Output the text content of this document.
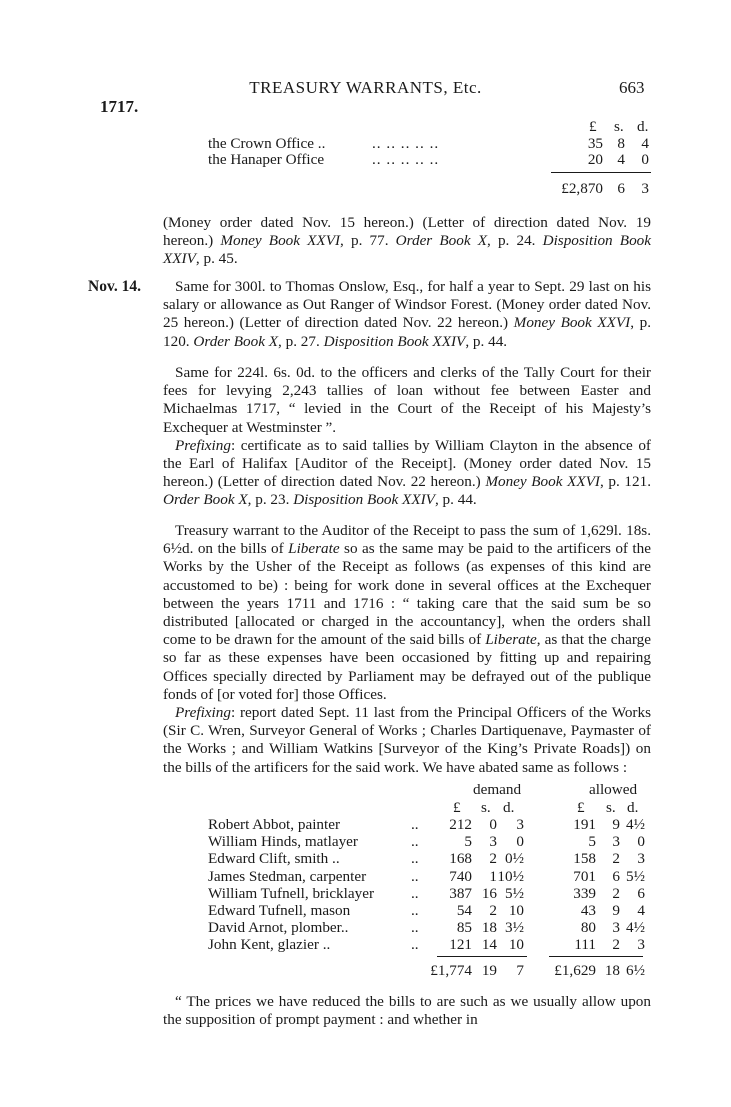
TREASURY WARRANTS, Etc.	663
1717.
£ s. d.
the Crown Office ..	.. .. .. .. ..	35 8 4
the Hanaper Office	.. .. .. .. ..	20 4 0
£2,870 6 3

(Money order dated Nov. 15 hereon.) (Letter of direction dated Nov. 19 hereon.) Money Book XXVI, p. 77. Order Book X, p. 24. Disposition Book XXIV, p. 45.

Nov. 14.	Same for 300l. to Thomas Onslow, Esq., for half a year to Sept. 29 last on his salary or allowance as Out Ranger of Windsor Forest. (Money order dated Nov. 25 hereon.) (Letter of direction dated Nov. 22 hereon.) Money Book XXVI, p. 120. Order Book X, p. 27. Disposition Book XXIV, p. 44.

Same for 224l. 6s. 0d. to the officers and clerks of the Tally Court for their fees for levying 2,243 tallies of loan without fee between Easter and Michaelmas 1717, “ levied in the Court of the Receipt of his Majesty’s Exchequer at Westminster ”.

Prefixing: certificate as to said tallies by William Clayton in the absence of the Earl of Halifax [Auditor of the Receipt]. (Money order dated Nov. 15 hereon.) (Letter of direction dated Nov. 22 hereon.) Money Book XXVI, p. 121. Order Book X, p. 23. Disposition Book XXIV, p. 44.

Treasury warrant to the Auditor of the Receipt to pass the sum of 1,629l. 18s. 6½d. on the bills of Liberate so as the same may be paid to the artificers of the Works by the Usher of the Receipt as follows (as expenses of this kind are accustomed to be) : being for work done in several offices at the Exchequer between the years 1711 and 1716 : “ taking care that the said sum be so distributed [allocated or charged in the accountancy], when the orders shall come to be drawn for the amount of the said bills of Liberate, as that the charge so far as these expenses have been occasioned by fitting up and repairing Offices specially directed by Parliament may be defrayed out of the publique fonds of [or voted for] those Offices.

Prefixing: report dated Sept. 11 last from the Principal Officers of the Works (Sir C. Wren, Surveyor General of Works ; Charles Dartiquenave, Paymaster of the Works ; and William Watkins [Surveyor of the King’s Private Roads]) on the bills of the artificers for the said work. We have abated same as follows :

demand	allowed
£ s. d.	£ s. d.
Robert Abbot, painter	.. 212 0 3	191 9 4½
William Hinds, matlayer	..	5 3 0	5 3 0
Edward Clift, smith ..	.. 168 2 0½	158 2 3
James Stedman, carpenter	.. 740 1 10½	701 6 5½
William Tufnell, bricklayer .. 387 16 5½	339 2 6
Edward Tufnell, mason	..	54 2 10	43 9 4
David Arnot, plomber..	..	85 18 3½	80 3 4½
John Kent, glazier ..	.. 121 14 10	111 2 3
£1,774 19 7 £1,629 18 6½

“ The prices we have reduced the bills to are such as we usually allow upon the supposition of prompt payment : and whether in
